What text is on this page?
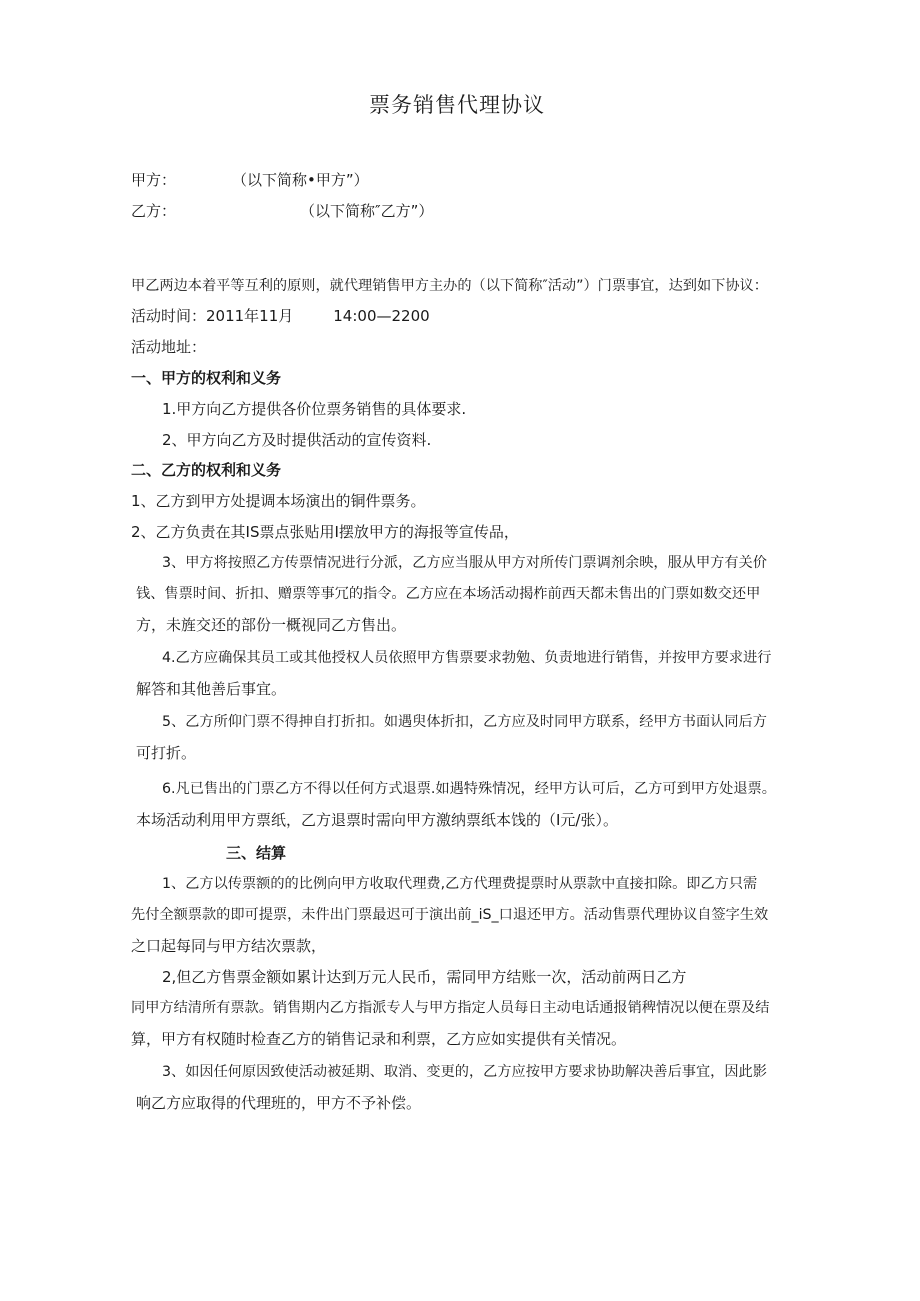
票务销售代理协议
甲方：	（以下简称•甲方”）
乙方：	（以下简称″乙方”）
甲乙两边本着平等互利的原则，就代理销售甲方主办的（以下简称″活动”）门票事宜，达到如下协议：
活动时间：2011年11月	14:00—2200
活动地址：
一、甲方的权利和义务
1.甲方向乙方提供各价位票务销售的具体要求.
2、甲方向乙方及时提供活动的宣传资料.
二、乙方的权利和义务
1、乙方到甲方处提调本场演出的铜件票务。
2、乙方负责在其IS票点张贴用I摆放甲方的海报等宣传品，
3、甲方将按照乙方传票情况进行分派，乙方应当服从甲方对所传门票调剂余映，服从甲方有关价
钱、售票时间、折扣、赠票等事冗的指令。乙方应在本场活动揭柞前西天都未售出的门票如数交还甲
方，未旌交还的部份一概视同乙方售出。
4.乙方应确保其员工或其他授权人员依照甲方售票要求勃勉、负责地进行销售，并按甲方要求进行
解答和其他善后事宜。
5、乙方所仰门票不得抻自打折扣。如遇臾体折扣，乙方应及时同甲方联系，经甲方书面认同后方
可打折。
6.凡已售出的门票乙方不得以任何方式退票.如遇特殊情况，经甲方认可后，乙方可到甲方处退票。
本场活动利用甲方票纸，乙方退票时需向甲方激纳票纸本饯的（I元/张）。
三、结算
1、乙方以传票额的的比例向甲方收取代理费,乙方代理费提票时从票款中直接扣除。即乙方只需
先付全额票款的即可提票，未件出门票最迟可于演出前_iS_口退还甲方。活动售票代理协议自签字生效
之口起每同与甲方结次票款，
2,但乙方售票金额如累计达到万元人民币，需同甲方结账一次，活动前两日乙方
同甲方结清所有票款。销售期内乙方指派专人与甲方指定人员每日主动电话通报销稗情况以便在票及结
算，甲方有权随时检查乙方的销售记录和利票，乙方应如实提供有关情况。
3、如因任何原因致使活动被延期、取消、变更的，乙方应按甲方要求协助解决善后事宜，因此影
响乙方应取得的代理班的，甲方不予补偿。
